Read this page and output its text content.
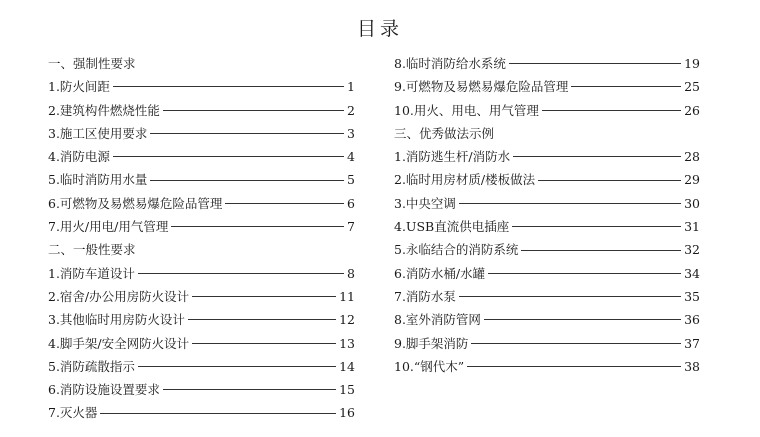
目录
一、强制性要求
1.防火间距	1
2.建筑构件燃烧性能	2
3.施工区使用要求	3
4.消防电源	4
5.临时消防用水量	5
6.可燃物及易燃易爆危险品管理	6
7.用火/用电/用气管理	7
二、一般性要求
1.消防车道设计	8
2.宿舍/办公用房防火设计	11
3.其他临时用房防火设计	12
4.脚手架/安全网防火设计	13
5.消防疏散指示	14
6.消防设施设置要求	15
7.灭火器	16
8.临时消防给水系统	19
9.可燃物及易燃易爆危险品管理	25
10.用火、用电、用气管理	26
三、优秀做法示例
1.消防逃生杆/消防水	28
2.临时用房材质/楼板做法	29
3.中央空调	30
4.USB直流供电插座	31
5.永临结合的消防系统	32
6.消防水桶/水罐	34
7.消防水泵	35
8.室外消防管网	36
9.脚手架消防	37
10.“钢代木”	38
